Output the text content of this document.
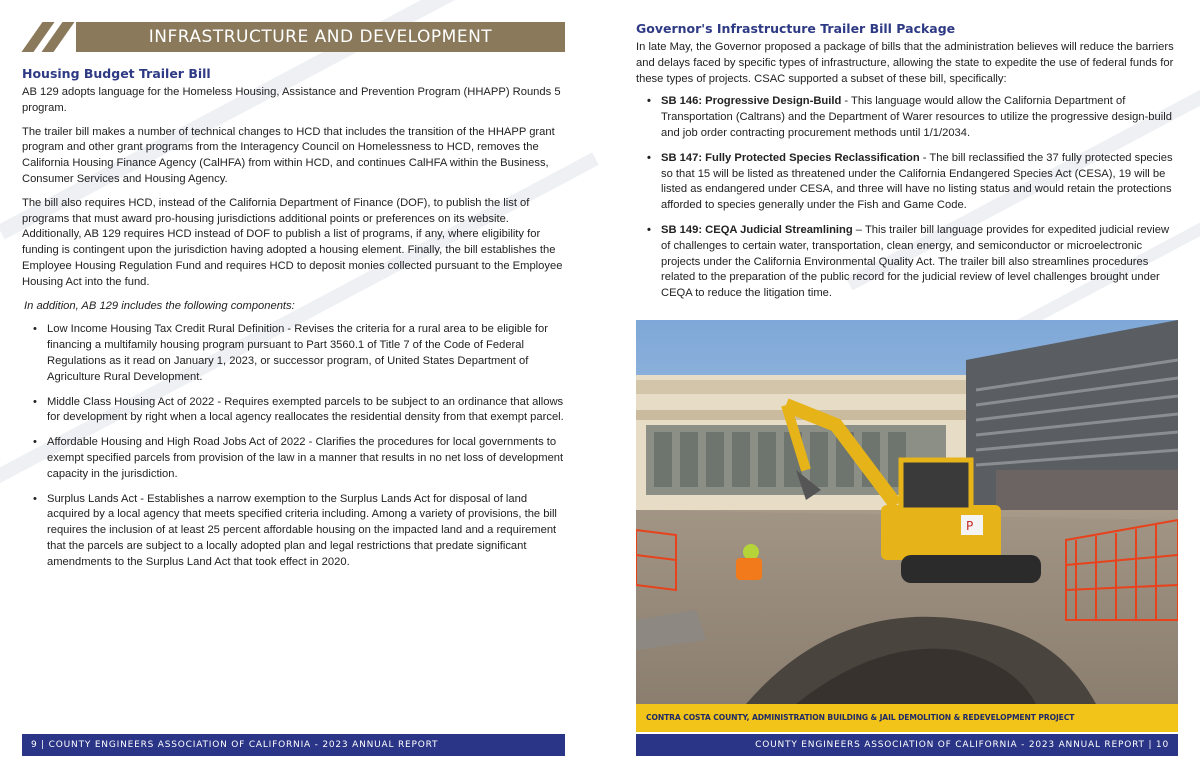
INFRASTRUCTURE AND DEVELOPMENT
Housing Budget Trailer Bill

AB 129 adopts language for the Homeless Housing, Assistance and Prevention Program (HHAPP) Rounds 5 program.

The trailer bill makes a number of technical changes to HCD that includes the transition of the HHAPP grant program and other grant programs from the Interagency Council on Homelessness to HCD, removes the California Housing Finance Agency (CalHFA) from within HCD, and continues CalHFA within the Business, Consumer Services and Housing Agency.

The bill also requires HCD, instead of the California Department of Finance (DOF), to publish the list of programs that must award pro-housing jurisdictions additional points or preferences on its website. Additionally, AB 129 requires HCD instead of DOF to publish a list of programs, if any, where eligibility for funding is contingent upon the jurisdiction having adopted a housing element. Finally, the bill establishes the Employee Housing Regulation Fund and requires HCD to deposit monies collected pursuant to the Employee Housing Act into the fund.

In addition, AB 129 includes the following components:

• Low Income Housing Tax Credit Rural Definition - Revises the criteria for a rural area to be eligible for financing a multifamily housing program pursuant to Part 3560.1 of Title 7 of the Code of Federal Regulations as it read on January 1, 2023, or successor program, of United States Department of Agriculture Rural Development.
• Middle Class Housing Act of 2022 - Requires exempted parcels to be subject to an ordinance that allows for development by right when a local agency reallocates the residential density from that exempt parcel.
• Affordable Housing and High Road Jobs Act of 2022 - Clarifies the procedures for local governments to exempt specified parcels from provision of the law in a manner that results in no net loss of development capacity in the jurisdiction.
• Surplus Lands Act - Establishes a narrow exemption to the Surplus Lands Act for disposal of land acquired by a local agency that meets specified criteria including. Among a variety of provisions, the bill requires the inclusion of at least 25 percent affordable housing on the impacted land and a requirement that the parcels are subject to a locally adopted plan and legal restrictions that predate significant amendments to the Surplus Land Act that took effect in 2020.
9 | COUNTY ENGINEERS ASSOCIATION OF CALIFORNIA - 2023 ANNUAL REPORT
Governor's Infrastructure Trailer Bill Package

In late May, the Governor proposed a package of bills that the administration believes will reduce the barriers and delays faced by specific types of infrastructure, allowing the state to expedite the use of federal funds for these types of projects. CSAC supported a subset of these bill, specifically:

• SB 146: Progressive Design-Build - This language would allow the California Department of Transportation (Caltrans) and the Department of Warer resources to utilize the progressive design-build and job order contracting procurement methods until 1/1/2034.
• SB 147: Fully Protected Species Reclassification - The bill reclassified the 37 fully protected species so that 15 will be listed as threatened under the California Endangered Species Act (CESA), 19 will be listed as endangered under CESA, and three will have no listing status and would retain the protections afforded to species generally under the Fish and Game Code.
• SB 149: CEQA Judicial Streamlining – This trailer bill language provides for expedited judicial review of challenges to certain water, transportation, clean energy, and semiconductor or microelectronic projects under the California Environmental Quality Act. The trailer bill also streamlines procedures related to the preparation of the public record for the judicial review of level challenges brought under CEQA to reduce the litigation time.
P
CONTRA COSTA COUNTY, ADMINISTRATION BUILDING & JAIL DEMOLITION & REDEVELOPMENT PROJECT
COUNTY ENGINEERS ASSOCIATION OF CALIFORNIA - 2023 ANNUAL REPORT | 10
